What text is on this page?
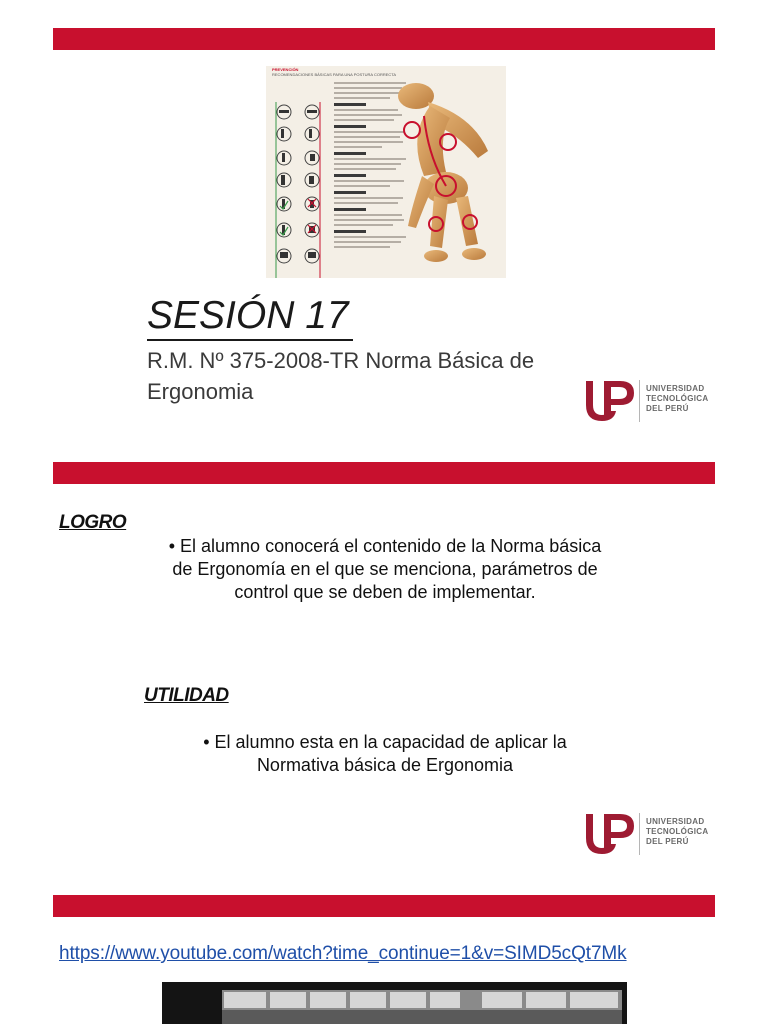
PREVENCIÓN
RECOMENDACIONES BÁSICAS PARA UNA POSTURA CORRECTA
SESIÓN 17
R.M. Nº 375-2008-TR Norma Básica de Ergonomia	UNIVERSIDAD
TECNOLÓGICA
DEL PERÚ
LOGRO
• El alumno conocerá el contenido de la Norma básica
de Ergonomía en el que se menciona, parámetros de
control que se deben de implementar.
UTILIDAD
• El alumno esta en la capacidad de aplicar la
Normativa básica de Ergonomia
UNIVERSIDAD
TECNOLÓGICA
DEL PERÚ
https://www.youtube.com/watch?time_continue=1&v=SIMD5cQt7Mk
